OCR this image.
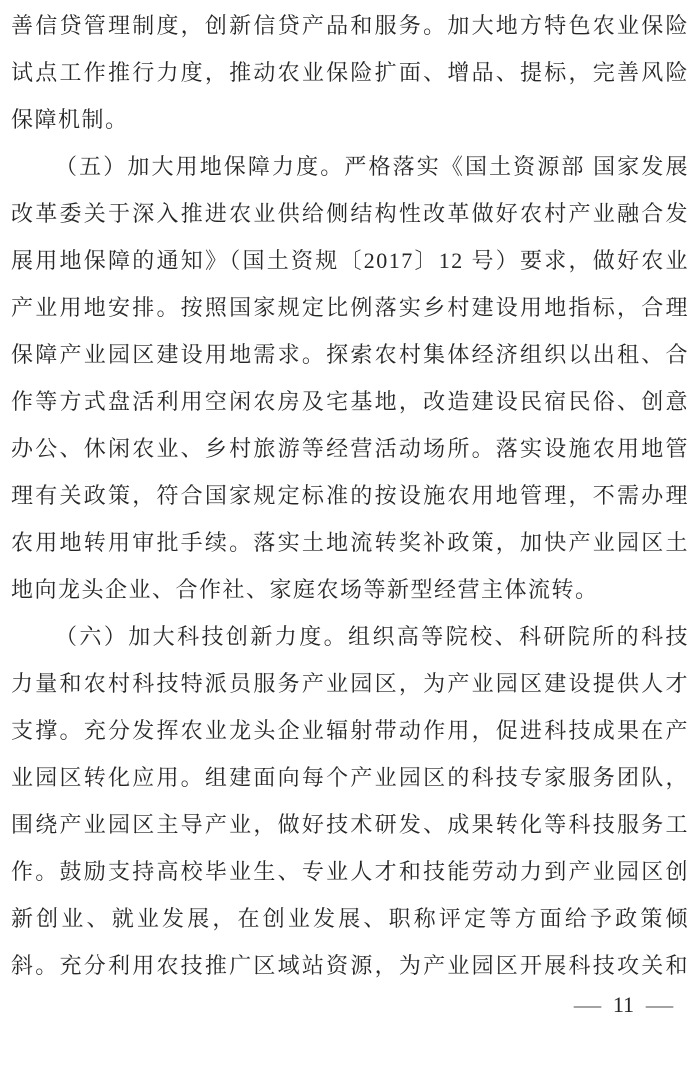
善信贷管理制度，创新信贷产品和服务。加大地方特色农业保险
试点工作推行力度，推动农业保险扩面、增品、提标，完善风险
保障机制。
（五）加大用地保障力度。严格落实《国土资源部 国家发展
改革委关于深入推进农业供给侧结构性改革做好农村产业融合发
展用地保障的通知》（国土资规〔2017〕12 号）要求，做好农业
产业用地安排。按照国家规定比例落实乡村建设用地指标，合理
保障产业园区建设用地需求。探索农村集体经济组织以出租、合
作等方式盘活利用空闲农房及宅基地，改造建设民宿民俗、创意
办公、休闲农业、乡村旅游等经营活动场所。落实设施农用地管
理有关政策，符合国家规定标准的按设施农用地管理，不需办理
农用地转用审批手续。落实土地流转奖补政策，加快产业园区土
地向龙头企业、合作社、家庭农场等新型经营主体流转。
（六）加大科技创新力度。组织高等院校、科研院所的科技
力量和农村科技特派员服务产业园区，为产业园区建设提供人才
支撑。充分发挥农业龙头企业辐射带动作用，促进科技成果在产
业园区转化应用。组建面向每个产业园区的科技专家服务团队，
围绕产业园区主导产业，做好技术研发、成果转化等科技服务工
作。鼓励支持高校毕业生、专业人才和技能劳动力到产业园区创
新创业、就业发展，在创业发展、职称评定等方面给予政策倾
斜。充分利用农技推广区域站资源，为产业园区开展科技攻关和
— 11 —
